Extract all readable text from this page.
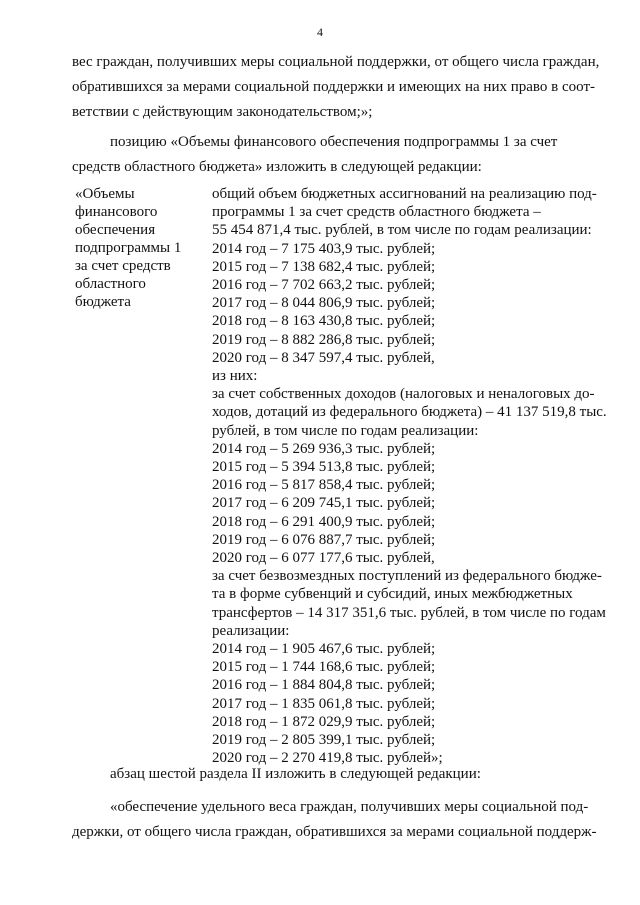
4
вес граждан, получивших меры социальной поддержки, от общего числа граждан,
обратившихся за мерами социальной поддержки и имеющих на них право в соот-
ветствии с действующим законодательством;»;
позицию «Объемы финансового обеспечения подпрограммы 1 за счет
средств областного бюджета» изложить в следующей редакции:
«Объемы
финансового
обеспечения
подпрограммы 1
за счет средств
областного
бюджета
общий объем бюджетных ассигнований на реализацию под-
программы 1 за счет средств областного бюджета –
55 454 871,4 тыс. рублей, в том числе по годам реализации:
2014 год – 7 175 403,9 тыс. рублей;
2015 год – 7 138 682,4 тыс. рублей;
2016 год – 7 702 663,2 тыс. рублей;
2017 год – 8 044 806,9 тыс. рублей;
2018 год – 8 163 430,8 тыс. рублей;
2019 год – 8 882 286,8 тыс. рублей;
2020 год – 8 347 597,4 тыс. рублей,
из них:
за счет собственных доходов (налоговых и неналоговых до-
ходов, дотаций из федерального бюджета) – 41 137 519,8 тыс.
рублей, в том числе по годам реализации:
2014 год – 5 269 936,3 тыс. рублей;
2015 год – 5 394 513,8 тыс. рублей;
2016 год – 5 817 858,4 тыс. рублей;
2017 год – 6 209 745,1 тыс. рублей;
2018 год – 6 291 400,9 тыс. рублей;
2019 год – 6 076 887,7 тыс. рублей;
2020 год – 6 077 177,6 тыс. рублей,
за счет безвозмездных поступлений из федерального бюдже-
та в форме субвенций и субсидий, иных межбюджетных
трансфертов – 14 317 351,6 тыс. рублей, в том числе по годам
реализации:
2014 год – 1 905 467,6 тыс. рублей;
2015 год – 1 744 168,6 тыс. рублей;
2016 год – 1 884 804,8 тыс. рублей;
2017 год – 1 835 061,8 тыс. рублей;
2018 год – 1 872 029,9 тыс. рублей;
2019 год – 2 805 399,1 тыс. рублей;
2020 год – 2 270 419,8 тыс. рублей»;
абзац шестой раздела II изложить в следующей редакции:
«обеспечение удельного веса граждан, получивших меры социальной под-
держки, от общего числа граждан, обратившихся за мерами социальной поддерж-
